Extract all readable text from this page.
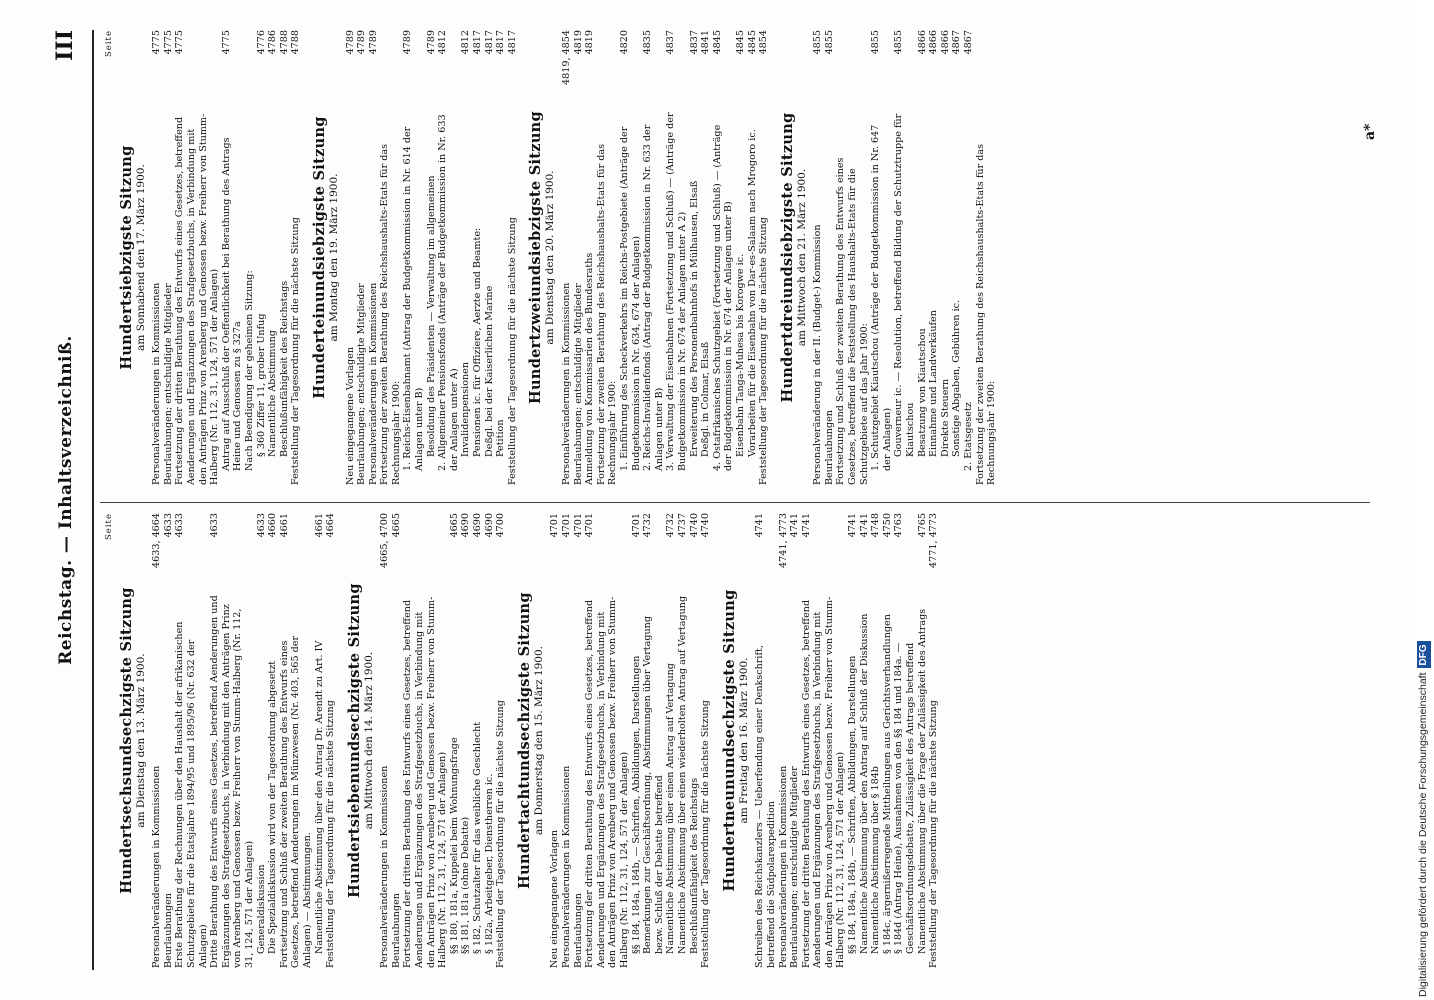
Reichstag. — Inhaltsverzeichniß.
III
Seite
Hundertsechsundsechzigste Sitzung am Dienstag den 13. März 1900.
Personalveränderungen in Kommissionen
4633, 4664
Beurlaubungen
4633
Erste Berathung der Rechnungen über den Haushalt der afrikanischen Schutzgebiete für die Etatsjahre 1894/95 und 1895/96 (Nr. 632 der Anlagen)
4633
Dritte Berathung des Entwurfs eines Gesetzes, betreffend Aenderungen und Ergänzungen des Strafgesetzbuchs, in Verbindung mit den Anträgen Prinz von Arenberg und Genossen bezw. Freiherr von Stumm-Halberg (Nr. 112, 31, 124, 571 der Anlagen)
4633
Generaldiskussion
4633
Die Spezialdiskussion wird von der Tagesordnung abgesetzt
4660
Fortsetzung und Schluß der zweiten Berathung des Entwurfs eines Gesetzes, betreffend Aenderungen im Münzwesen (Nr. 403, 565 der Anlagen) — Abstimmungen.
4661
Namentliche Abstimmung über den Antrag Dr. Arendt zu Art. IV
4661
Feststellung der Tagesordnung für die nächste Sitzung
4664
Hundertsiebenundsechzigste Sitzung am Mittwoch den 14. März 1900.
Personalveränderungen in Kommissionen
4665, 4700
Beurlaubungen
4665
Fortsetzung der dritten Berathung des Entwurfs eines Gesetzes, betreffend Aenderungen und Ergänzungen des Strafgesetzbuchs, in Verbindung mit den Anträgen Prinz von Arenberg und Genossen bezw. Freiherr von Stumm-Halberg (Nr. 112, 31, 124, 571 der Anlagen) §§ 180, 181a, Kuppelei beim Wohnungsfrage
4665
§§ 181, 181a (ohne Debatte)
4690
§ 182, Schutzalter für das weibliche Geschlecht
4690
§ 182a, Arbeitgeber, Dienstherren ic.
4690
Feststellung der Tagesordnung für die nächste Sitzung
4700
Hundertachtundsechzigste Sitzung am Donnerstag den 15. März 1900.
Neu eingegangene Vorlagen
4701
Personalveränderungen in Kommissionen
4701
Beurlaubungen
4701
Fortsetzung der dritten Berathung des Entwurfs eines Gesetzes, betreffend Aenderungen und Ergänzungen des Strafgesetzbuchs, in Verbindung mit den Anträgen Prinz von Arenberg und Genossen bezw. Freiherr von Stumm-Halberg (Nr. 112, 31, 124, 571 der Anlagen)
4701
§§ 184, 184a, 184b, — Schriften, Abbildungen, Darstellungen
4701
Bemerkungen zur Geschäftsordnung, Abstimmungen über Vertagung bezw. Schluß der Debatte betreffend
4732
Namentliche Abstimmung über einen Antrag auf Vertagung
4732
Namentliche Abstimmung über einen wiederholten Antrag auf Vertagung
4737
Beschlußunfähigkeit des Reichstags
4740
Feststellung der Tagesordnung für die nächste Sitzung
4740
Hundertneunundsechzigste Sitzung am Freitag den 16. März 1900. Schreiben des Reichskanzlers — Ueberfendung einer Denkschrift, betreffend die Südpolarexpedition
4741
Personalveränderungen in Kommissionen
4741, 4773
Beurlaubungen; entschuldigte Mitglieder
4741
Fortsetzung der dritten Berathung des Entwurfs eines Gesetzes, betreffend Aenderungen und Ergänzungen des Strafgesetzbuchs, in Verbindung mit den Anträgen Prinz von Arenberg und Genossen bezw. Freiherr von Stumm-Halberg (Nr. 112, 31, 124, 571 der Anlagen)
4741
§§ 184, 184a, 184b, — Schriften, Abbildungen, Darstellungen
4741
Namentliche Abstimmung über den Antrag auf Schluß der Diskussion
4741
Namentliche Abstimmung über § 184b
4748
§ 184c, ärgernißerregende Mittheilungen aus Gerichtsverhandlungen
4750
§ 184d (Antrag Heine), Ausnahmen von den §§ 184 und 184a. — Geschäftsordnungsdebatte, Zulässigkeit des Antrags betreffend
4763
Namentliche Abstimmung über die Frage der Zulässigkeit des Antrags
4765
Feststellung der Tagesordnung für die nächste Sitzung
4771, 4773
Seite
Hundertsiebzigste Sitzung am Sonnabend den 17. März 1900.
Personalveränderungen in Kommissionen
4775
Beurlaubungen; entschuldigte Mitglieder
4775
Fortsetzung der dritten Berathung des Entwurfs eines Gesetzes, betreffend Aenderungen und Ergänzungen des Strafgesetzbuchs, in Verbindung mit den Anträgen Prinz von Arenberg und Genossen bezw. Freiherr von Stumm-Halberg (Nr. 112, 31, 124, 571 der Anlagen)
4775
Antrag auf Ausschluß der Oeffentlichkeit bei Berathung des Antrags Heine und Genossen zu § 327a
4775
Nach Beendigung der geheimen Sitzung: § 360 Ziffer 11, grober Unfug
4776
Namentliche Abstimmung
4786
Beschlußunfähigkeit des Reichstags
4788
Feststellung der Tagesordnung für die nächste Sitzung
4788
Hunderteinundsiebzigste Sitzung am Montag den 19. März 1900.
Neu eingegangene Vorlagen
4789
Beurlaubungen; entschuldigte Mitglieder
4789
Personalveränderungen in Kommissionen
4789
Fortsetzung der zweiten Berathung des Reichshaushalts-Etats für das Rechnungsjahr 1900: 1. Reichs-Eisenbahnamt (Antrag der Budgetkommission in Nr. 614 der Anlagen unter B)
4789
Besoldung des Präsidenten — Verwaltung im allgemeinen
4789
2. Allgemeiner Pensionsfonds (Anträge der Budgetkommission in Nr. 633 der Anlagen unter A)
4812
Invalidenpensionen
4812
Pensionen ic. für Offiziere, Aerzte und Beamte:
4817
Deßgl. bei der Kaiserlichen Marine
4817
Petition
4817
Feststellung der Tagesordnung für die nächste Sitzung
4817
Hundertzweiundsiebzigste Sitzung am Dienstag den 20. März 1900.
Personalveränderungen in Kommissionen
4819, 4854
Beurlaubungen; entschuldigte Mitglieder
4819
Anmeldung von Kommissarien des Bundesraths
4819
Fortsetzung der zweiten Berathung des Reichshaushalts-Etats für das Rechnungsjahr 1900: 1. Einführung des Scheckverkehrs im Reichs-Postgebiete (Anträge der Budgetkommission in Nr. 634, 674 der Anlagen)
4820
2. Reichs-Invalidenfonds (Antrag der Budgetkommission in Nr. 633 der Anlagen unter B)
4835
3. Verwaltung der Eisenbahnen (Fortsetzung und Schluß) — (Anträge der Budgetkommission in Nr. 674 der Anlagen unter A 2)
4837
Erweiterung des Personenbahnhofs in Mülhausen, Elsaß
4837
Deßgl. in Colmar, Elsaß
4841
4. Ostafrikanisches Schutzgebiet (Fortsetzung und Schluß) — (Anträge der Budgetkommission in Nr. 674 der Anlagen unter B)
4845
Eisenbahn Tanga-Muhesa bis Korogwe ic.
4845
Vorarbeiten für die Eisenbahn von Dar-es-Salaam nach Mrogoro ic.
4845
Feststellung der Tagesordnung für die nächste Sitzung
4854
Hundertdreiundsiebzigste Sitzung am Mittwoch den 21. März 1900. Personalveränderung in der II. (Budget-) Kommission
4855
Beurlaubungen
4855
Fortsetzung und Schluß der zweiten Berathung des Entwurfs eines Gesetzes, betreffend die Feststellung des Haushalts-Etats für die Schutzgebiete auf das Jahr 1900: 1. Schutzgebiet Kiautschou (Anträge der Budgetkommission in Nr. 647 der Anlagen)
4855
Gouverneur ic. — Resolution, betreffend Bildung der Schutztruppe für Kiautschou
4855
Besatzung von Kiautschou
4866
Einnahme und Landverkäufen
4866
Direkte Steuern
4866
Sonstige Abgaben, Gebühren ic.
4867
2. Etatsgesetz
4867
Fortsetzung der zweiten Berathung des Reichshaushalts-Etats für das Rechnungsjahr 1900:
a*
Digitalisierung gefördert durch die Deutsche ForschungsgemeinschaftDFG
